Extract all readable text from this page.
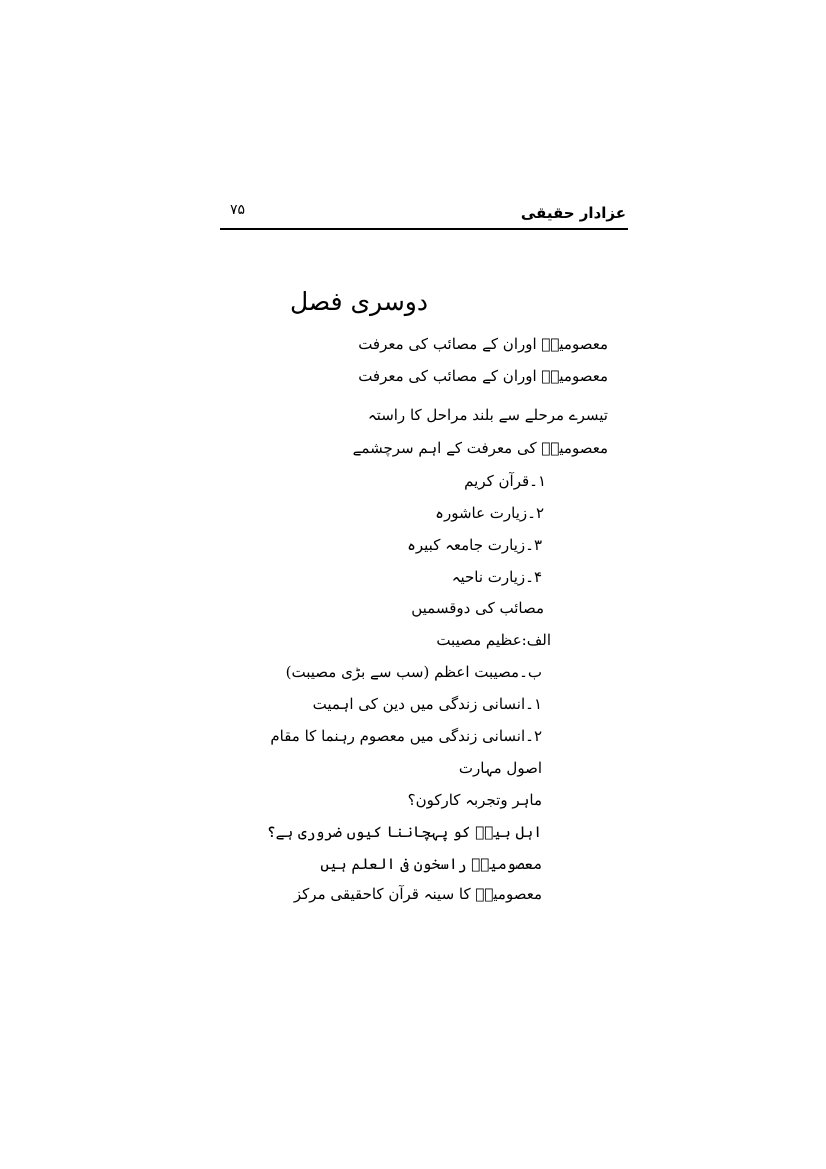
عزادار حقیقی
۷۵
دوسری فصل
معصومینؑ اوران کے مصائب کی معرفت
معصومینؑ اوران کے مصائب کی معرفت
تیسرے مرحلے سے بلند مراحل کا راستہ
معصومینؑ کی معرفت کے اہم سرچشمے
۱۔قرآن کریم
۲۔زیارت عاشورہ
۳۔زیارت جامعہ کبیرہ
۴۔زیارت ناحیہ
مصائب کی دوقسمیں
الف:عظیم مصیبت
ب۔مصیبت اعظم (سب سے بڑی مصیبت)
۱۔انسانی زندگی میں دین کی اہمیت
۲۔انسانی زندگی میں معصوم رہنما کا مقام
اصول مہارت
ماہر وتجربہ کارکون؟
اہل بیتؑ کو پہچاننا کیوں ضروری ہے؟
معصومینؑ راسخون فی العلم ہیں
معصومینؑ کا سینہ قرآن کاحقیقی مرکز
